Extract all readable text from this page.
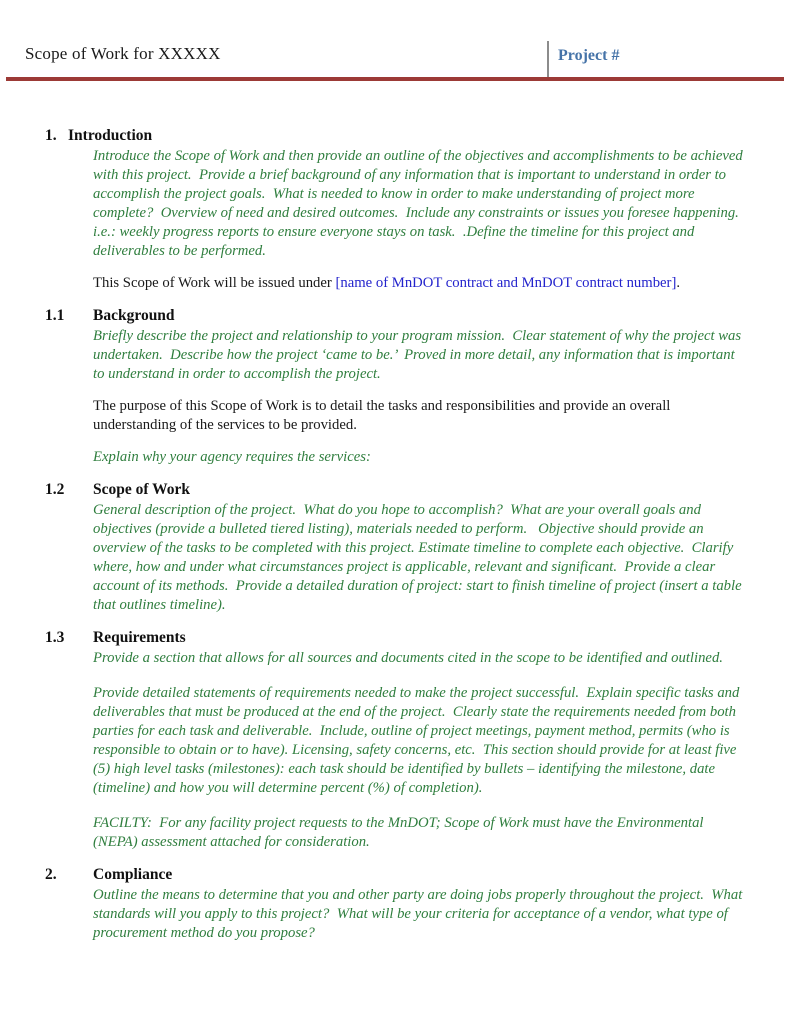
Scope of Work for XXXXX	Project #
1. Introduction

Introduce the Scope of Work and then provide an outline of the objectives and accomplishments to be achieved with this project.  Provide a brief background of any information that is important to understand in order to accomplish the project goals.  What is needed to know in order to make understanding of project more complete?  Overview of need and desired outcomes.  Include any constraints or issues you foresee happening.  i.e.: weekly progress reports to ensure everyone stays on task.  .Define the timeline for this project and deliverables to be performed.

This Scope of Work will be issued under [name of MnDOT contract and MnDOT contract number].

1.1	Background

Briefly describe the project and relationship to your program mission.  Clear statement of why the project was undertaken.  Describe how the project ‘came to be.’  Proved in more detail, any information that is important to understand in order to accomplish the project.

The purpose of this Scope of Work is to detail the tasks and responsibilities and provide an overall understanding of the services to be provided.

Explain why your agency requires the services:

1.2	Scope of Work

General description of the project.  What do you hope to accomplish?  What are your overall goals and objectives (provide a bulleted tiered listing), materials needed to perform.   Objective should provide an overview of the tasks to be completed with this project. Estimate timeline to complete each objective.  Clarify where, how and under what circumstances project is applicable, relevant and significant.  Provide a clear account of its methods.  Provide a detailed duration of project: start to finish timeline of project (insert a table that outlines timeline).

1.3	Requirements

Provide a section that allows for all sources and documents cited in the scope to be identified and outlined.

Provide detailed statements of requirements needed to make the project successful.  Explain specific tasks and deliverables that must be produced at the end of the project.  Clearly state the requirements needed from both parties for each task and deliverable.  Include, outline of project meetings, payment method, permits (who is responsible to obtain or to have). Licensing, safety concerns, etc.  This section should provide for at least five (5) high level tasks (milestones): each task should be identified by bullets – identifying the milestone, date (timeline) and how you will determine percent (%) of completion).

FACILTY:  For any facility project requests to the MnDOT; Scope of Work must have the Environmental (NEPA) assessment attached for consideration.

2.	Compliance

Outline the means to determine that you and other party are doing jobs properly throughout the project.  What standards will you apply to this project?  What will be your criteria for acceptance of a vendor, what type of procurement method do you propose?
